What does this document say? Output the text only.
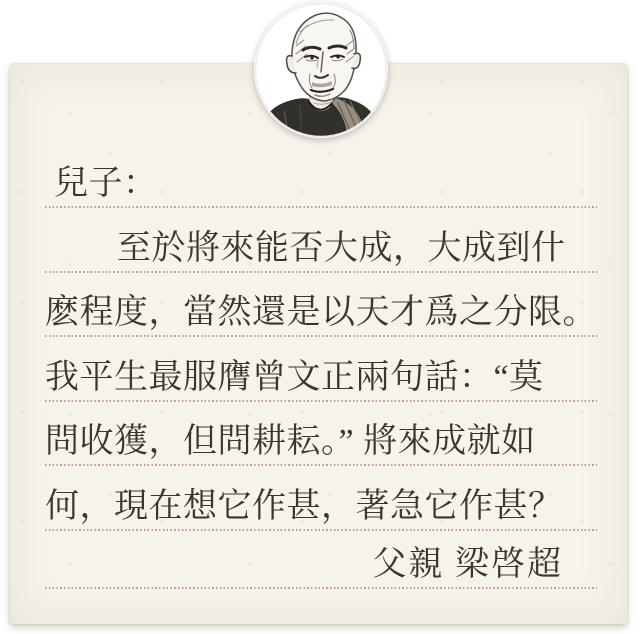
兒子：
至於將來能否大成，大成到什
麽程度，當然還是以天才爲之分限。
我平生最服膺曾文正兩句話：“莫
問收獲，但問耕耘。” 將來成就如
何，現在想它作甚，著急它作甚？
父親 梁啓超
